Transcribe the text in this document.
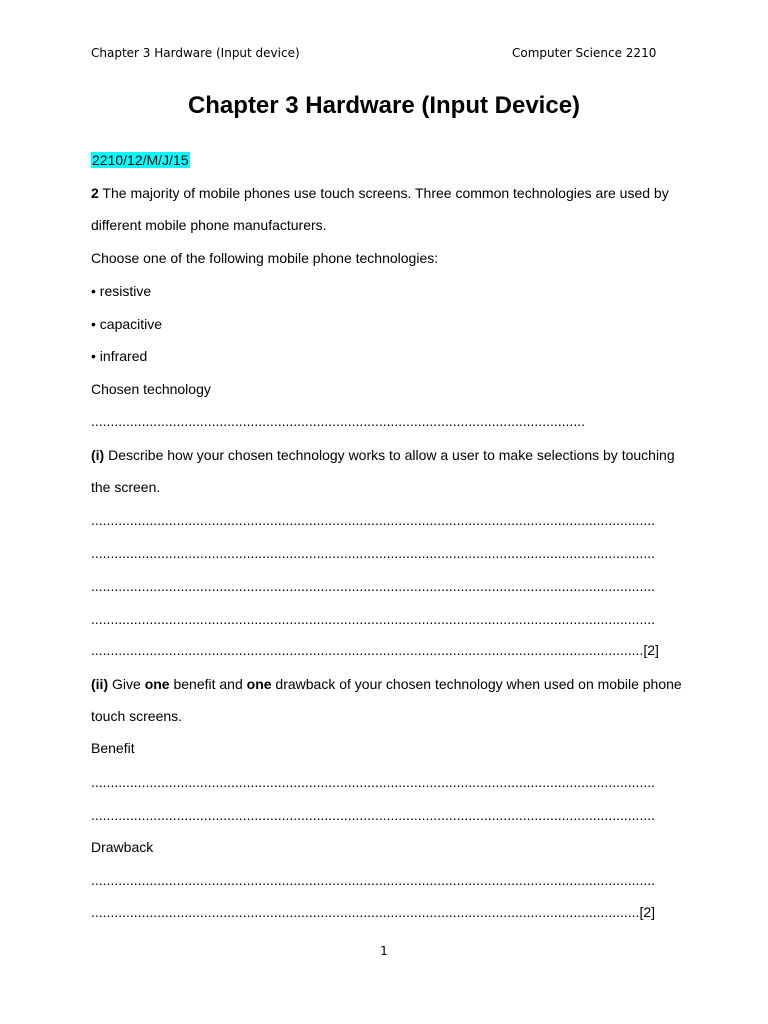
Chapter 3 Hardware (Input device)	Computer Science 2210
Chapter 3 Hardware (Input Device)
2210/12/M/J/15
2 The majority of mobile phones use touch screens. Three common technologies are used by
different mobile phone manufacturers.
Choose one of the following mobile phone technologies:
• resistive
• capacitive
• infrared
Chosen technology
...............................................................................................................................
(i) Describe how your chosen technology works to allow a user to make selections by touching
the screen.
.................................................................................................................................................
.................................................................................................................................................
.................................................................................................................................................
.................................................................................................................................................
..............................................................................................................................................[2]
(ii) Give one benefit and one drawback of your chosen technology when used on mobile phone
touch screens.
Benefit
.................................................................................................................................................
.................................................................................................................................................
Drawback
.................................................................................................................................................
.............................................................................................................................................[2]
1
